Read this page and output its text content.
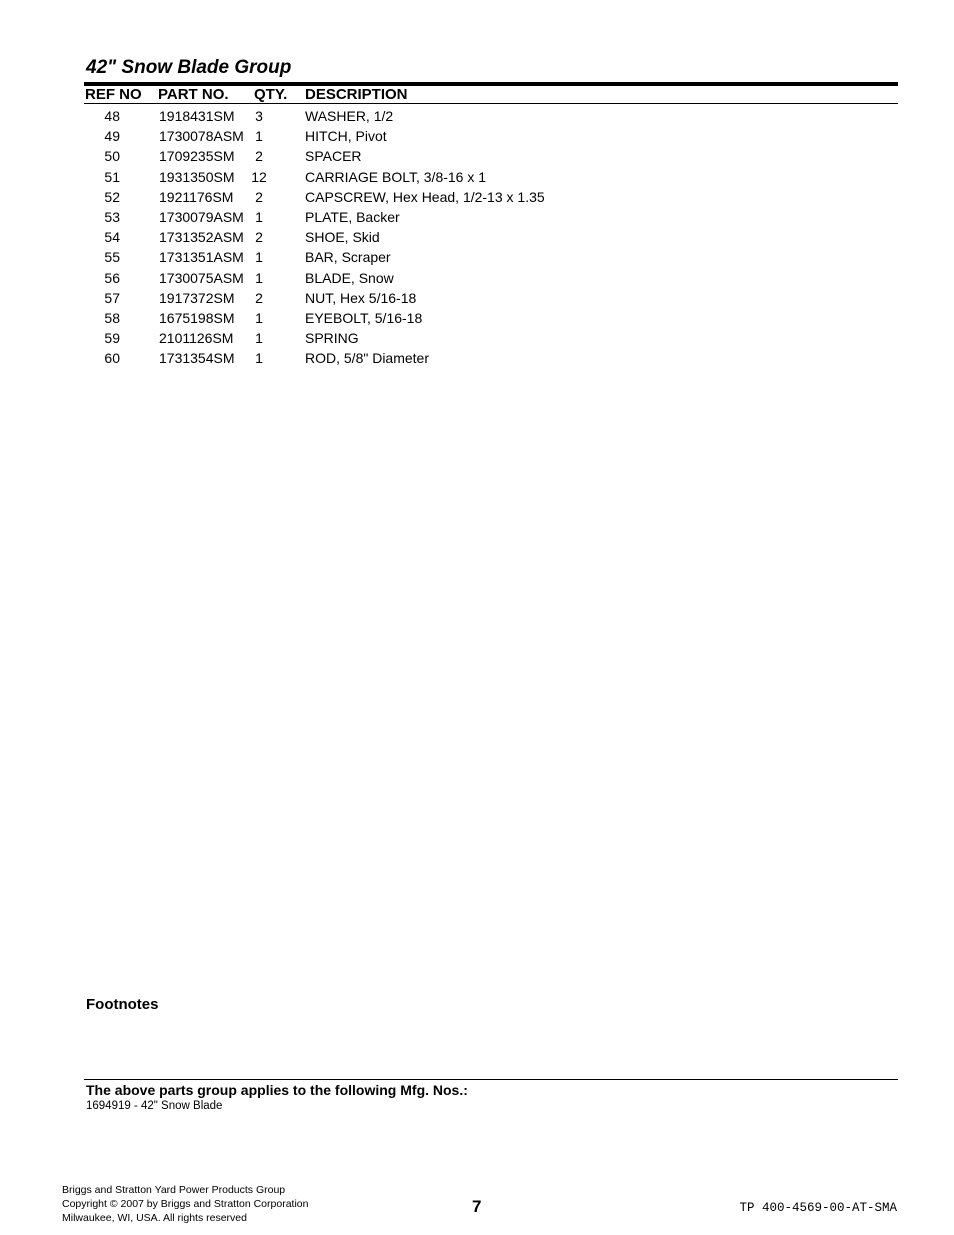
42" Snow Blade Group
REF NO PART NO. QTY. DESCRIPTION
48	1918431SM	3	WASHER, 1/2
49	1730078ASM 1	HITCH, Pivot
50	1709235SM	2	SPACER
51	1931350SM	12	CARRIAGE BOLT, 3/8-16 x 1
52	1921176SM	2	CAPSCREW, Hex Head, 1/2-13 x 1.35
53	1730079ASM 1	PLATE, Backer
54	1731352ASM 2	SHOE, Skid
55	1731351ASM 1	BAR, Scraper
56	1730075ASM 1	BLADE, Snow
57	1917372SM	2	NUT, Hex 5/16-18
58	1675198SM	1	EYEBOLT, 5/16-18
59	2101126SM	1	SPRING
60	1731354SM	1	ROD, 5/8" Diameter
Footnotes
The above parts group applies to the following Mfg. Nos.:
1694919 - 42" Snow Blade
Briggs and Stratton Yard Power Products Group
Copyright © 2007 by Briggs and Stratton Corporation
Milwaukee, WI, USA. All rights reserved
7	TP 400-4569-00-AT-SMA
